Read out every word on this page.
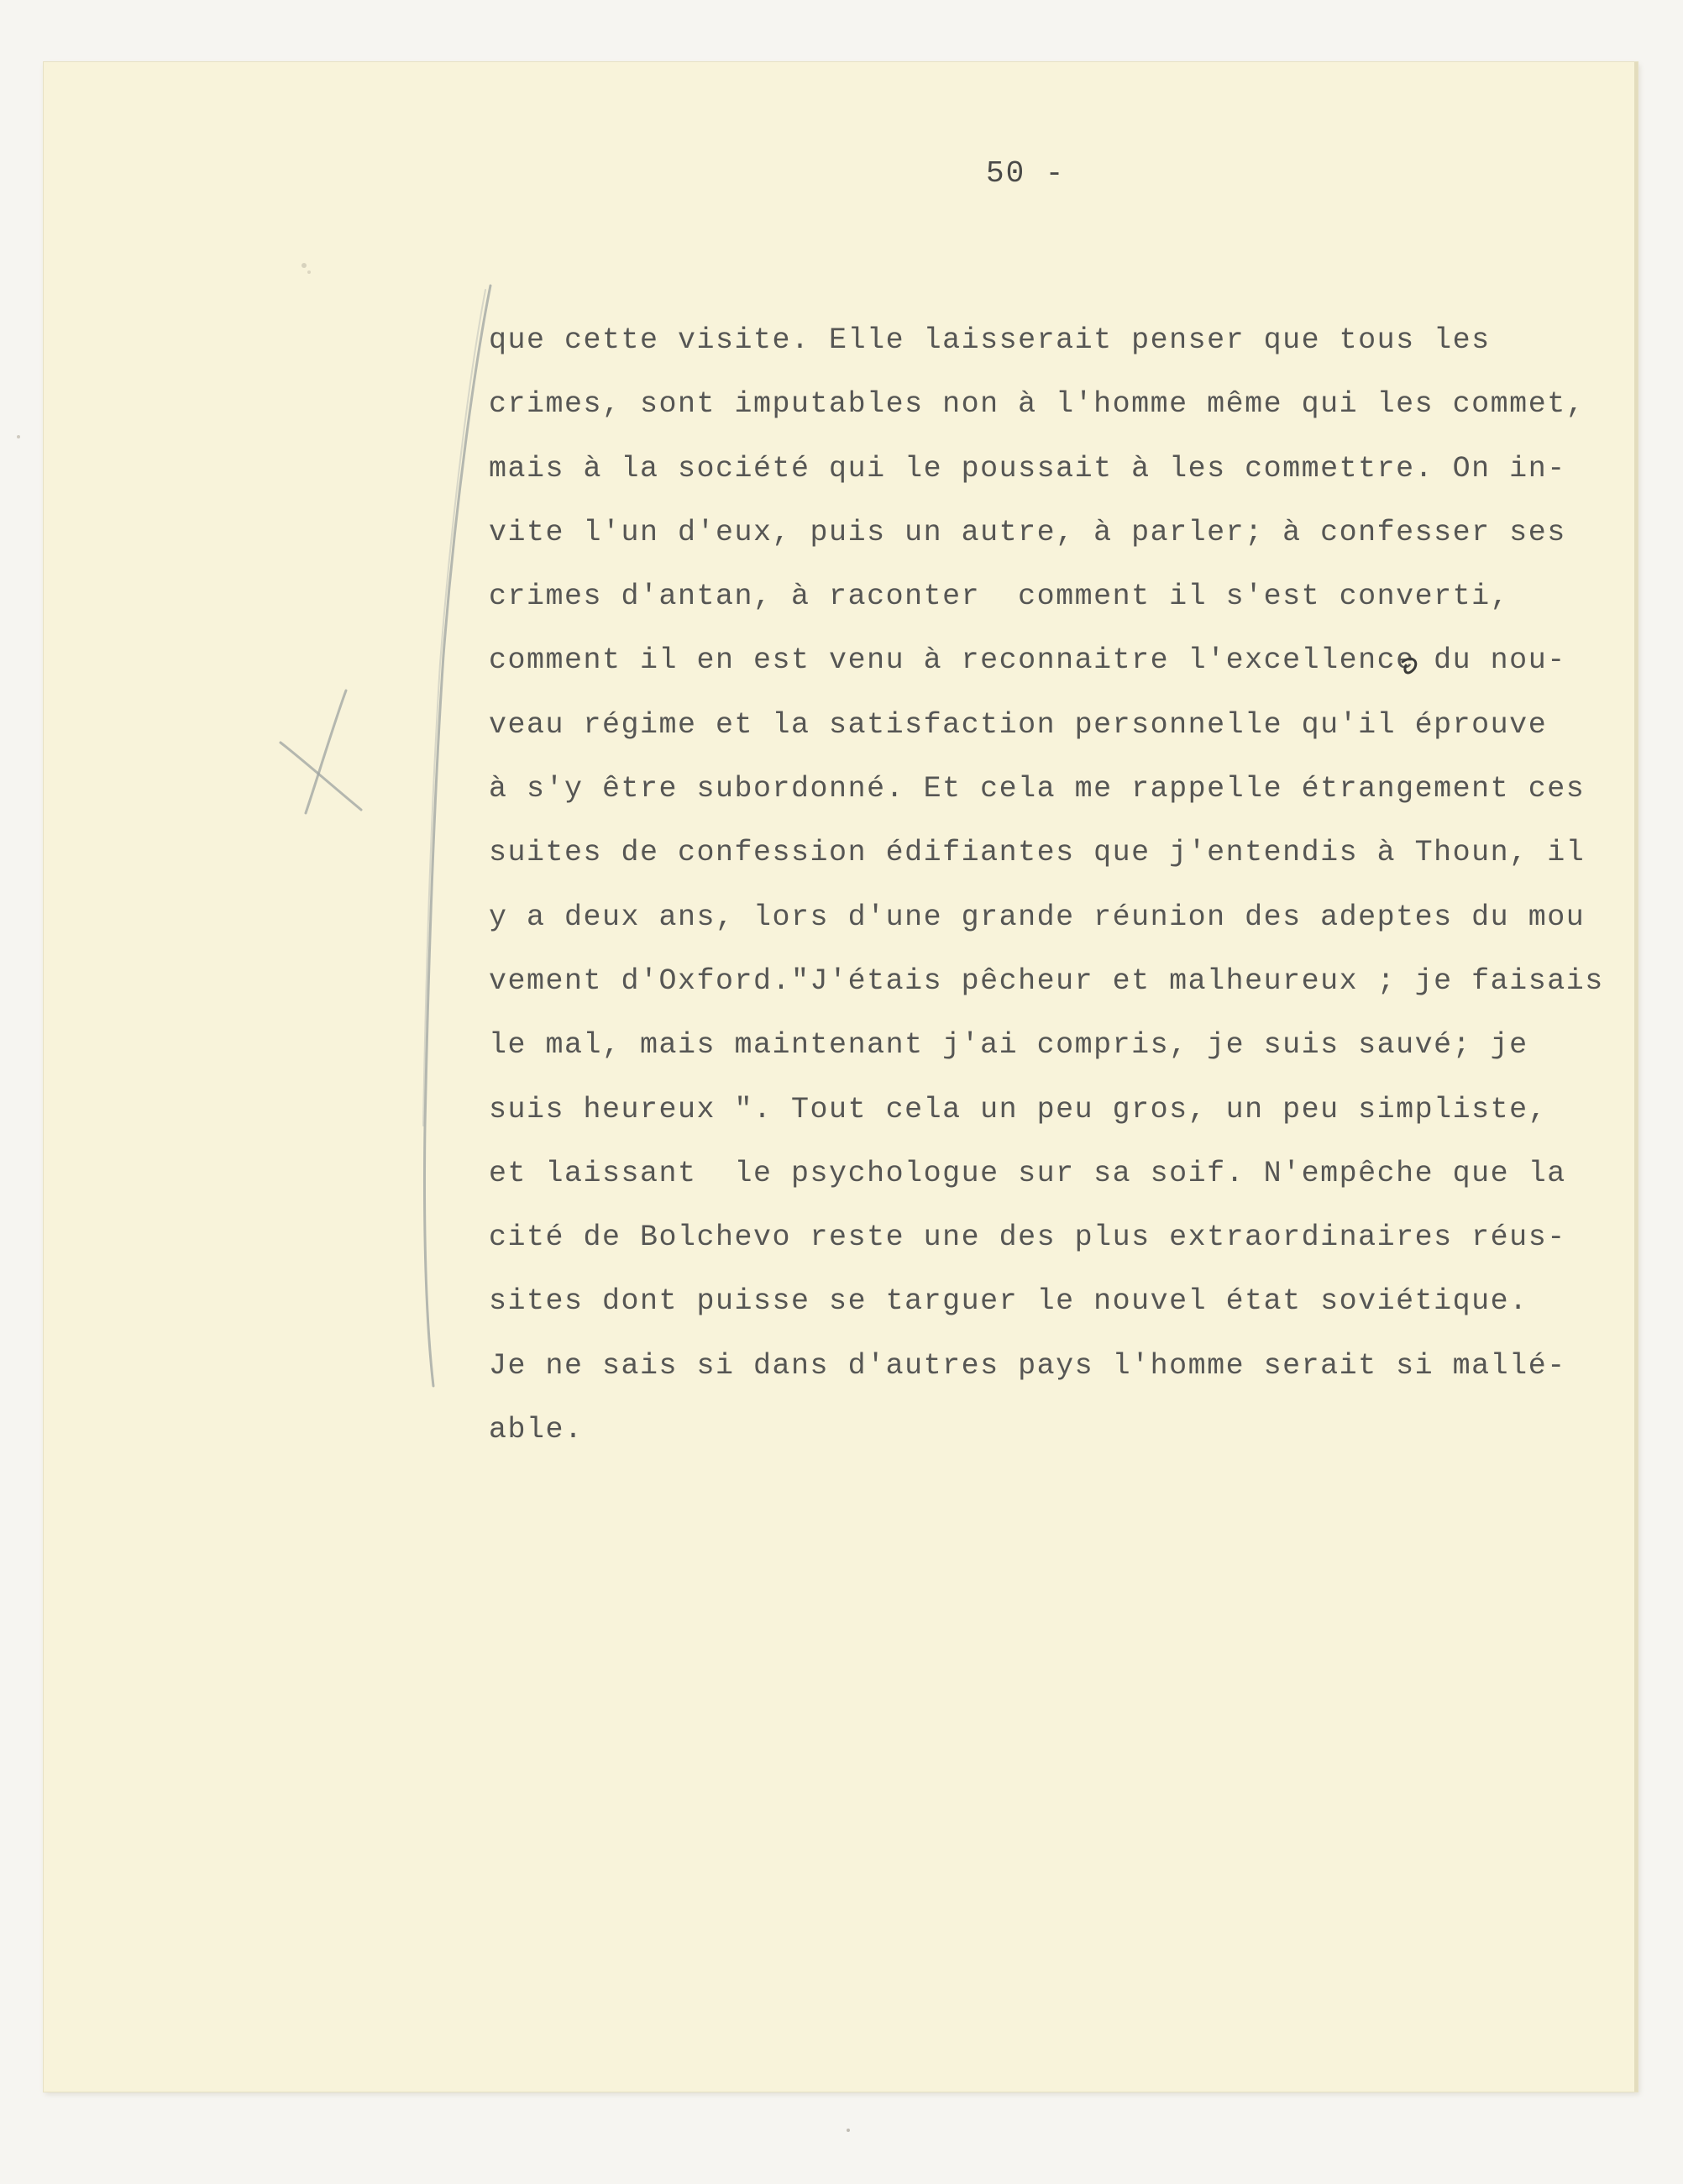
50 -
que cette visite. Elle laisserait penser que tous les
crimes, sont imputables non à l'homme même qui les commet,
mais à la société qui le poussait à les commettre. On in-
vite l'un d'eux, puis un autre, à parler; à confesser ses
crimes d'antan, à raconter  comment il s'est converti,
comment il en est venu à reconnaitre l'excellence du nou-
veau régime et la satisfaction personnelle qu'il éprouve
à s'y être subordonné. Et cela me rappelle étrangement ces
suites de confession édifiantes que j'entendis à Thoun, il
y a deux ans, lors d'une grande réunion des adeptes du mou
vement d'Oxford."J'étais pêcheur et malheureux ; je faisais
le mal, mais maintenant j'ai compris, je suis sauvé; je
suis heureux ". Tout cela un peu gros, un peu simpliste,
et laissant  le psychologue sur sa soif. N'empêche que la
cité de Bolchevo reste une des plus extraordinaires réus-
sites dont puisse se targuer le nouvel état soviétique.
Je ne sais si dans d'autres pays l'homme serait si mallé-
able.
